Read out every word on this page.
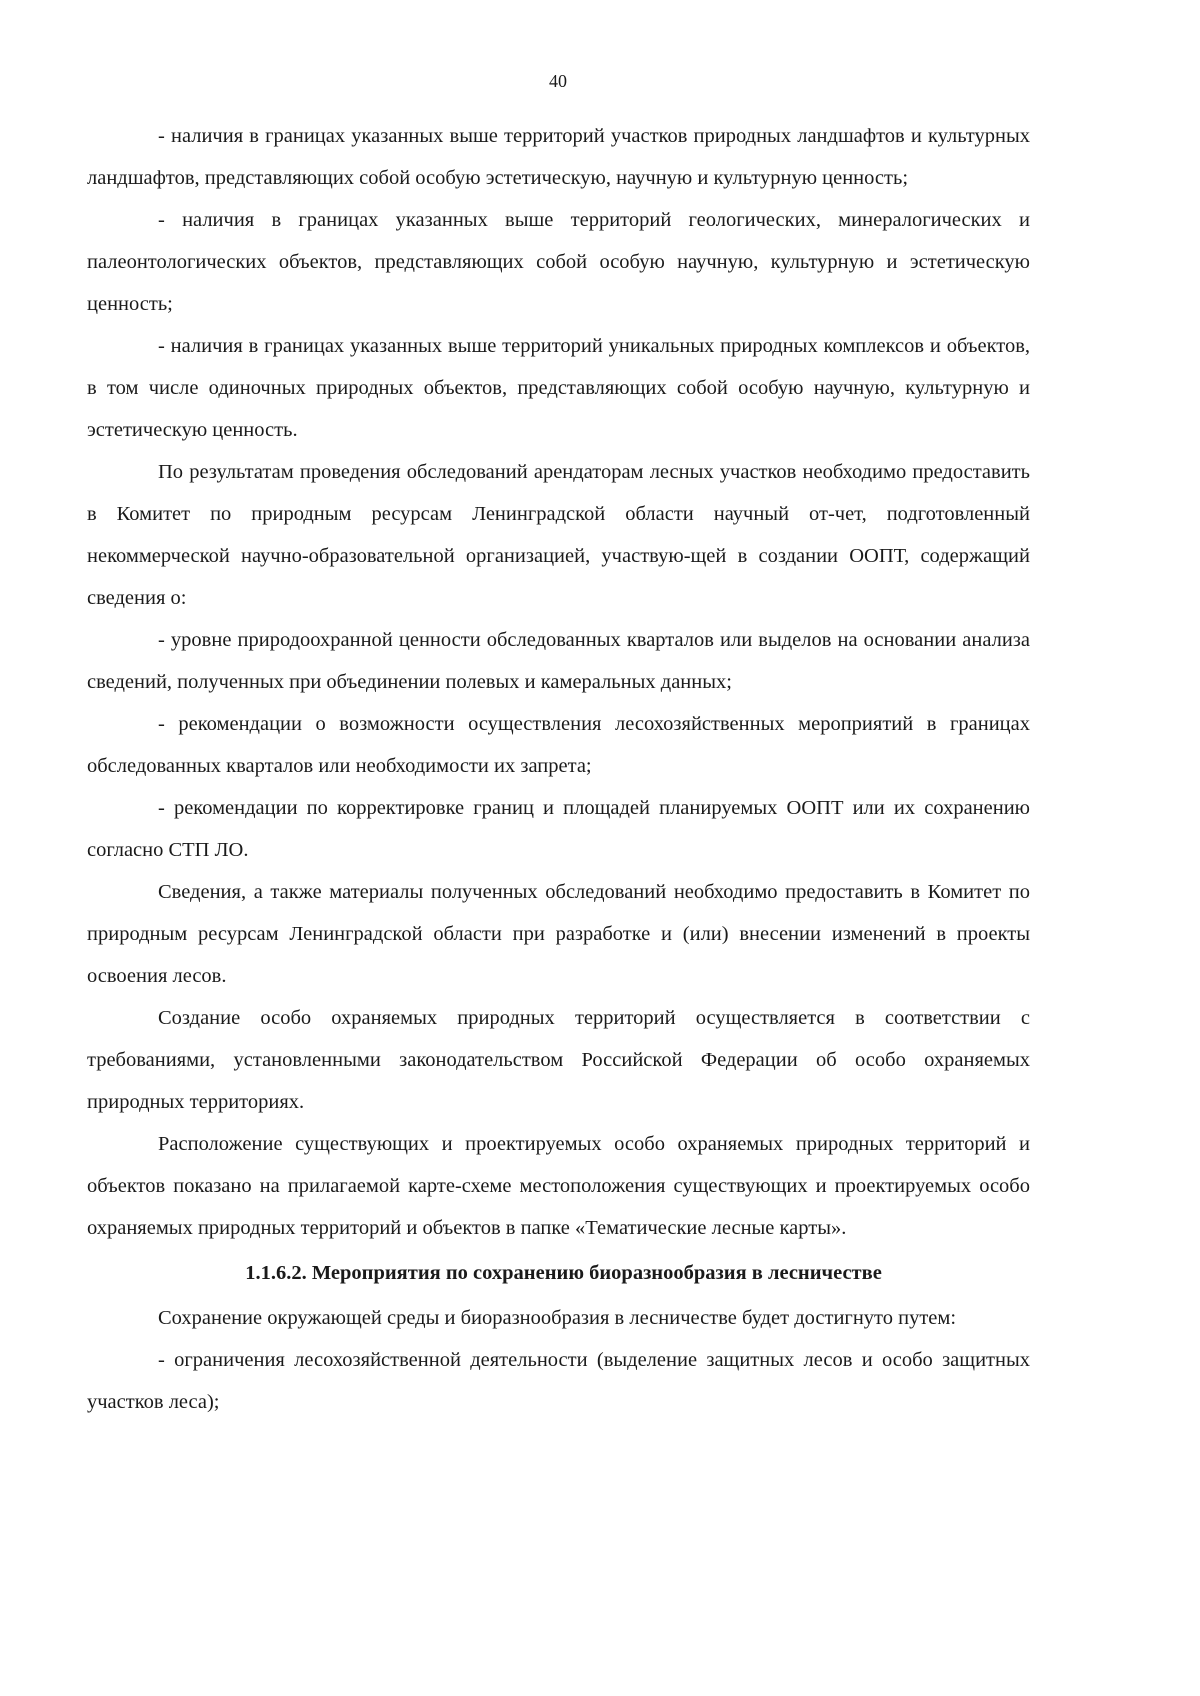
40

- наличия в границах указанных выше территорий участков природных ландшафтов и культурных ландшафтов, представляющих собой особую эстетическую, научную и культурную ценность;

- наличия в границах указанных выше территорий геологических, минералогических и палеонтологических объектов, представляющих собой особую научную, культурную и эстетическую ценность;

- наличия в границах указанных выше территорий уникальных природных комплексов и объектов, в том числе одиночных природных объектов, представляющих собой особую научную, культурную и эстетическую ценность.

По результатам проведения обследований арендаторам лесных участков необходимо предоставить в Комитет по природным ресурсам Ленинградской области научный от-чет, подготовленный некоммерческой научно-образовательной организацией, участвую-щей в создании ООПТ, содержащий сведения о:

- уровне природоохранной ценности обследованных кварталов или выделов на основании анализа сведений, полученных при объединении полевых и камеральных данных;

- рекомендации о возможности осуществления лесохозяйственных мероприятий в границах обследованных кварталов или необходимости их запрета;

- рекомендации по корректировке границ и площадей планируемых ООПТ или их сохранению согласно СТП ЛО.

Сведения, а также материалы полученных обследований необходимо предоставить в Комитет по природным ресурсам Ленинградской области при разработке и (или) внесении изменений в проекты освоения лесов.

Создание особо охраняемых природных территорий осуществляется в соответствии с требованиями, установленными законодательством Российской Федерации об особо охраняемых природных территориях.

Расположение существующих и проектируемых особо охраняемых природных территорий и объектов показано на прилагаемой карте-схеме местоположения существующих и проектируемых особо охраняемых природных территорий и объектов в папке «Тематические лесные карты».

1.1.6.2. Мероприятия по сохранению биоразнообразия в лесничестве

Сохранение окружающей среды и биоразнообразия в лесничестве будет достигнуто путем:

- ограничения лесохозяйственной деятельности (выделение защитных лесов и особо защитных участков леса);
